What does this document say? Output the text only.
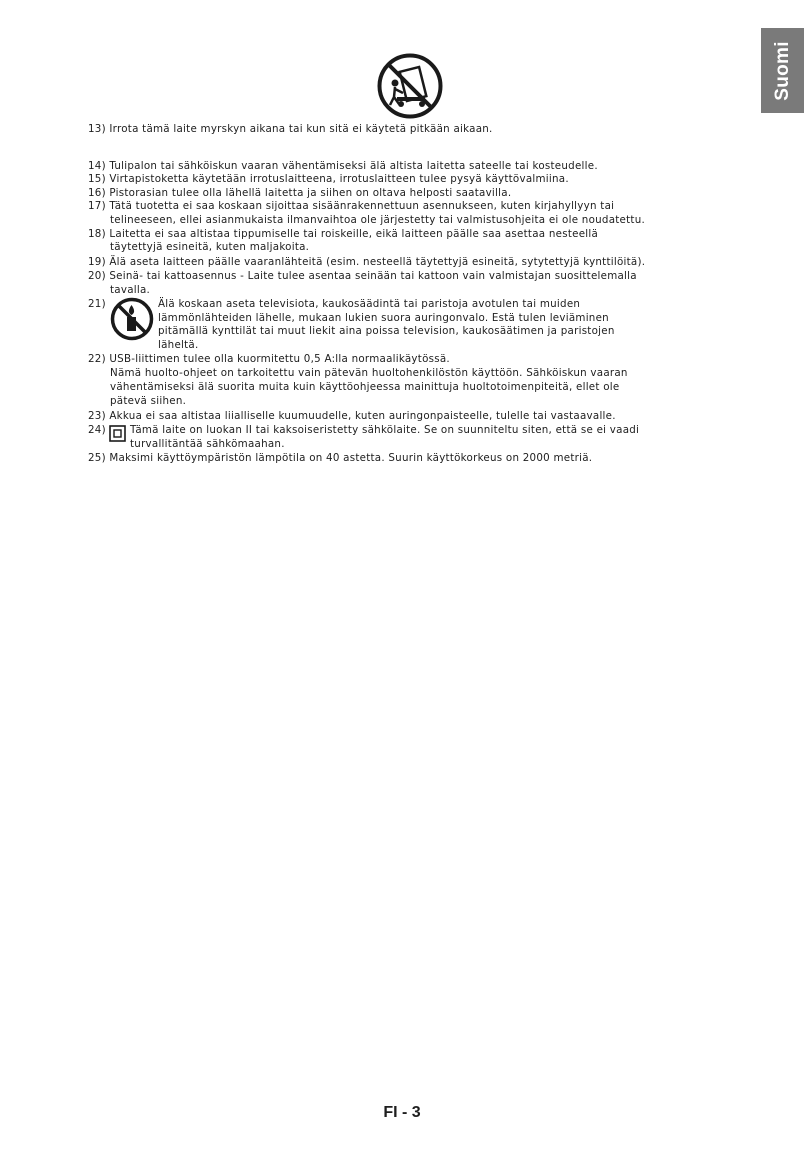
Suomi
13) Irrota tämä laite myrskyn aikana tai kun sitä ei käytetä pitkään aikaan.
14) Tulipalon tai sähköiskun vaaran vähentämiseksi älä altista laitetta sateelle tai kosteudelle.
15) Virtapistoketta käytetään irrotuslaitteena, irrotuslaitteen tulee pysyä käyttövalmiina.
16) Pistorasian tulee olla lähellä laitetta ja siihen on oltava helposti saatavilla.
17) Tätä tuotetta ei saa koskaan sijoittaa sisäänrakennettuun asennukseen, kuten kirjahyllyyn tai
telineeseen, ellei asianmukaista ilmanvaihtoa ole järjestetty tai valmistusohjeita ei ole noudatettu.
18) Laitetta ei saa altistaa tippumiselle tai roiskeille, eikä laitteen päälle saa asettaa nesteellä
täytettyjä esineitä, kuten maljakoita.
19) Älä aseta laitteen päälle vaaranlähteitä (esim. nesteellä täytettyjä esineitä, sytytettyjä kynttilöitä).
20) Seinä- tai kattoasennus - Laite tulee asentaa seinään tai kattoon vain valmistajan suosittelemalla
tavalla.
21)	Älä koskaan aseta televisiota, kaukosäädintä tai paristoja avotulen tai muiden
lämmönlähteiden lähelle, mukaan lukien suora auringonvalo. Estä tulen leviäminen
pitämällä kynttilät tai muut liekit aina poissa television, kaukosäätimen ja paristojen
läheltä.
22) USB-liittimen tulee olla kuormitettu 0,5 A:lla normaalikäytössä.
Nämä huolto-ohjeet on tarkoitettu vain pätevän huoltohenkilöstön käyttöön. Sähköiskun vaaran
vähentämiseksi älä suorita muita kuin käyttöohjeessa mainittuja huoltotoimenpiteitä, ellet ole
pätevä siihen.
23) Akkua ei saa altistaa liialliselle kuumuudelle, kuten auringonpaisteelle, tulelle tai vastaavalle.
24) Tämä laite on luokan II tai kaksoiseristetty sähkölaite. Se on suunniteltu siten, että se ei vaadi
turvallitäntää sähkömaahan.
25) Maksimi käyttöympäristön lämpötila on 40 astetta. Suurin käyttökorkeus on 2000 metriä.
FI - 3
